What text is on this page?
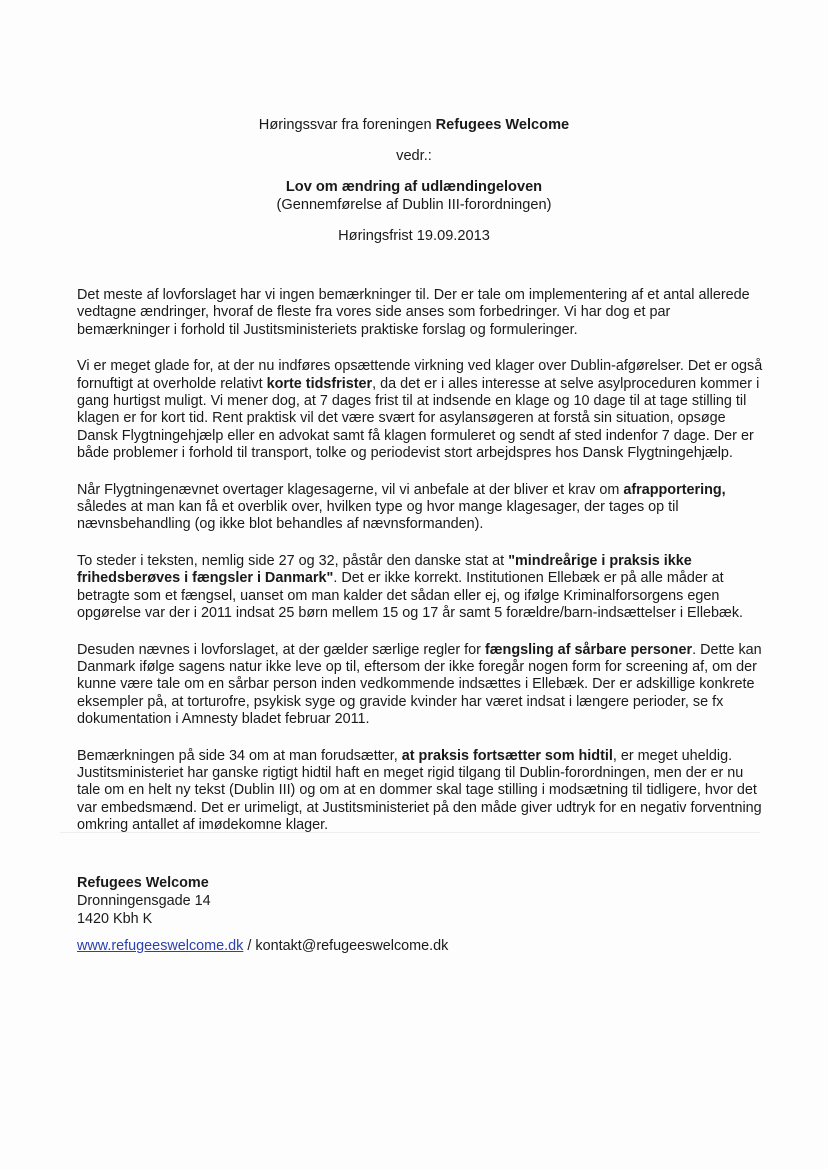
Høringssvar fra foreningen Refugees Welcome
vedr.:
Lov om ændring af udlændingeloven
(Gennemførelse af Dublin III-forordningen)
Høringsfrist 19.09.2013

Det meste af lovforslaget har vi ingen bemærkninger til. Der er tale om implementering af et antal allerede vedtagne ændringer, hvoraf de fleste fra vores side anses som forbedringer. Vi har dog et par bemærkninger i forhold til Justitsministeriets praktiske forslag og formuleringer.

Vi er meget glade for, at der nu indføres opsættende virkning ved klager over Dublin-afgørelser. Det er også fornuftigt at overholde relativt korte tidsfrister, da det er i alles interesse at selve asylproceduren kommer i gang hurtigst muligt. Vi mener dog, at 7 dages frist til at indsende en klage og 10 dage til at tage stilling til klagen er for kort tid. Rent praktisk vil det være svært for asylansøgeren at forstå sin situation, opsøge Dansk Flygtningehjælp eller en advokat samt få klagen formuleret og sendt af sted indenfor 7 dage. Der er både problemer i forhold til transport, tolke og periodevist stort arbejdspres hos Dansk Flygtningehjælp.

Når Flygtningenævnet overtager klagesagerne, vil vi anbefale at der bliver et krav om afrapportering, således at man kan få et overblik over, hvilken type og hvor mange klagesager, der tages op til nævnsbehandling (og ikke blot behandles af nævnsformanden).

To steder i teksten, nemlig side 27 og 32, påstår den danske stat at "mindreårige i praksis ikke frihedsberøves i fængsler i Danmark". Det er ikke korrekt. Institutionen Ellebæk er på alle måder at betragte som et fængsel, uanset om man kalder det sådan eller ej, og ifølge Kriminalforsorgens egen opgørelse var der i 2011 indsat 25 børn mellem 15 og 17 år samt 5 forældre/barn-indsættelser i Ellebæk.

Desuden nævnes i lovforslaget, at der gælder særlige regler for fængsling af sårbare personer. Dette kan Danmark ifølge sagens natur ikke leve op til, eftersom der ikke foregår nogen form for screening af, om der kunne være tale om en sårbar person inden vedkommende indsættes i Ellebæk. Der er adskillige konkrete eksempler på, at torturofre, psykisk syge og gravide kvinder har været indsat i længere perioder, se fx dokumentation i Amnesty bladet februar 2011.

Bemærkningen på side 34 om at man forudsætter, at praksis fortsætter som hidtil, er meget uheldig. Justitsministeriet har ganske rigtigt hidtil haft en meget rigid tilgang til Dublin-forordningen, men der er nu tale om en helt ny tekst (Dublin III) og om at en dommer skal tage stilling i modsætning til tidligere, hvor det var embedsmænd. Det er urimeligt, at Justitsministeriet på den måde giver udtryk for en negativ forventning omkring antallet af imødekomne klager.

Refugees Welcome
Dronningensgade 14
1420 Kbh K
www.refugeeswelcome.dk / kontakt@refugeeswelcome.dk
